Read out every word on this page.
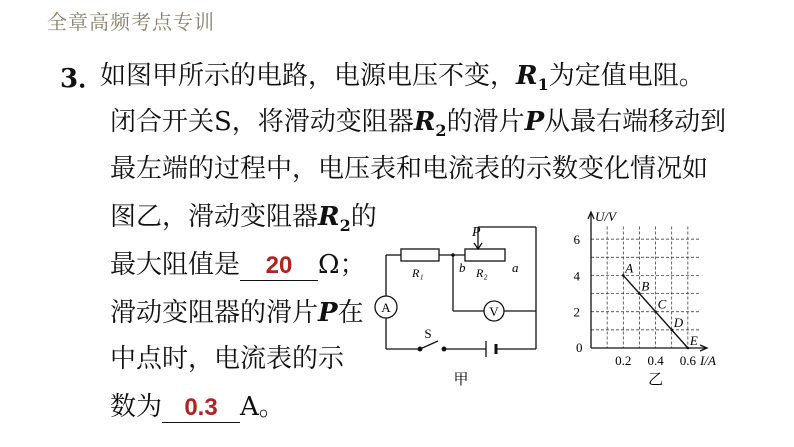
全章高频考点专训
3．
如图甲所示的电路，电源电压不变，$R_1$为定值电阻。
闭合开关S，将滑动变阻器$R_2$的滑片P从最右端移动到
最左端的过程中，电压表和电流表的示数变化情况如
图乙，滑动变阻器$R_2$的
最大阻值是 20 Ω；
滑动变阻器的滑片P在
中点时，电流表的示
数为 0.3 A。
A	V
S
P
R₁	R₂
b	a
甲
0.2 0.4 0.6
2
4
6
A
B
C
D
E
U/V
I/A
0
乙
